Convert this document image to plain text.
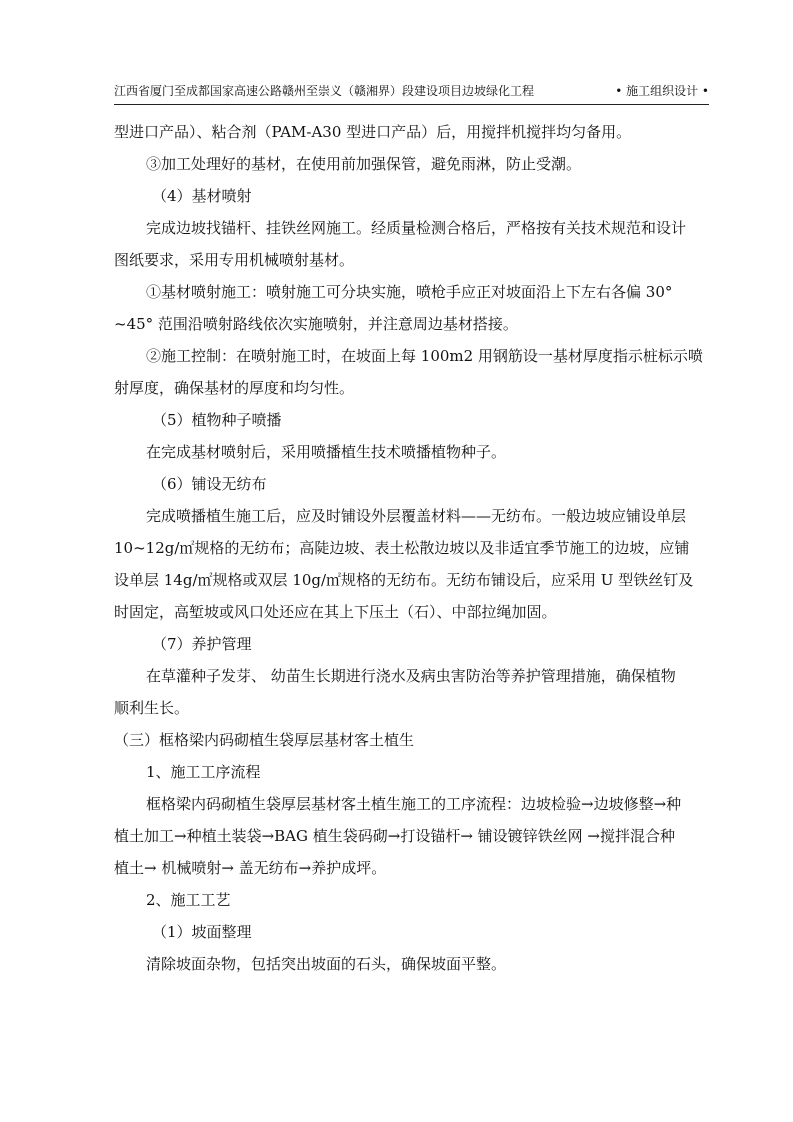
江西省厦门至成都国家高速公路赣州至崇义（赣湘界）段建设项目边坡绿化工程	• 施工组织设计 •
型进口产品）、粘合剂（PAM-A30 型进口产品）后，用搅拌机搅拌均匀备用。
③加工处理好的基材，在使用前加强保管，避免雨淋，防止受潮。
（4）基材喷射
完成边坡找锚杆、挂铁丝网施工。经质量检测合格后，严格按有关技术规范和设计
图纸要求，采用专用机械喷射基材。
①基材喷射施工：喷射施工可分块实施，喷枪手应正对坡面沿上下左右各偏 30°
~45° 范围沿喷射路线依次实施喷射，并注意周边基材搭接。
②施工控制：在喷射施工时，在坡面上每 100m2 用钢筋设一基材厚度指示桩标示喷
射厚度，确保基材的厚度和均匀性。
（5）植物种子喷播
在完成基材喷射后，采用喷播植生技术喷播植物种子。
（6）铺设无纺布
完成喷播植生施工后，应及时铺设外层覆盖材料——无纺布。一般边坡应铺设单层
10~12g/㎡规格的无纺布；高陡边坡、表土松散边坡以及非适宜季节施工的边坡，应铺
设单层 14g/㎡规格或双层 10g/㎡规格的无纺布。无纺布铺设后，应采用 U 型铁丝钉及
时固定，高堑坡或风口处还应在其上下压土（石）、中部拉绳加固。
（7）养护管理
在草灌种子发芽、 幼苗生长期进行浇水及病虫害防治等养护管理措施，确保植物
顺利生长。
（三）框格梁内码砌植生袋厚层基材客土植生
1、施工工序流程
框格梁内码砌植生袋厚层基材客土植生施工的工序流程：边坡检验→边坡修整→种
植土加工→种植土装袋→BAG 植生袋码砌→打设锚杆→ 铺设镀锌铁丝网 →搅拌混合种
植土→ 机械喷射→ 盖无纺布→养护成坪。
2、施工工艺
（1）坡面整理
清除坡面杂物，包括突出坡面的石头，确保坡面平整。
